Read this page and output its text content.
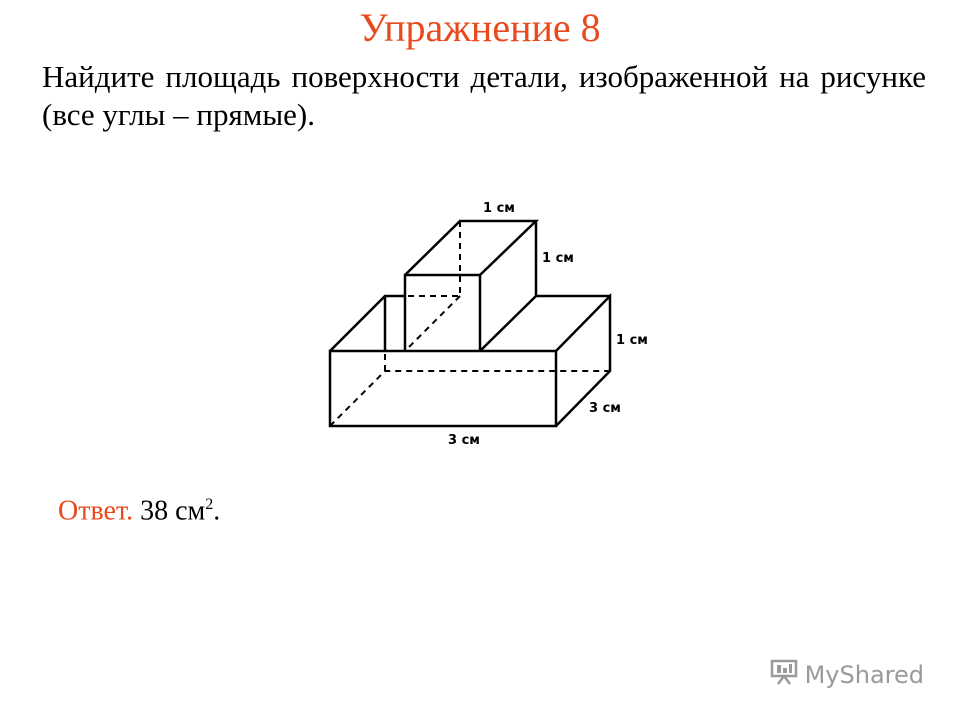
Упражнение 8
Найдите площадь поверхности детали, изображенной на рисунке (все углы – прямые).
1 см
1 см
1 см
3 см
3 см
Ответ. 38 $см^2$.
MyShared
